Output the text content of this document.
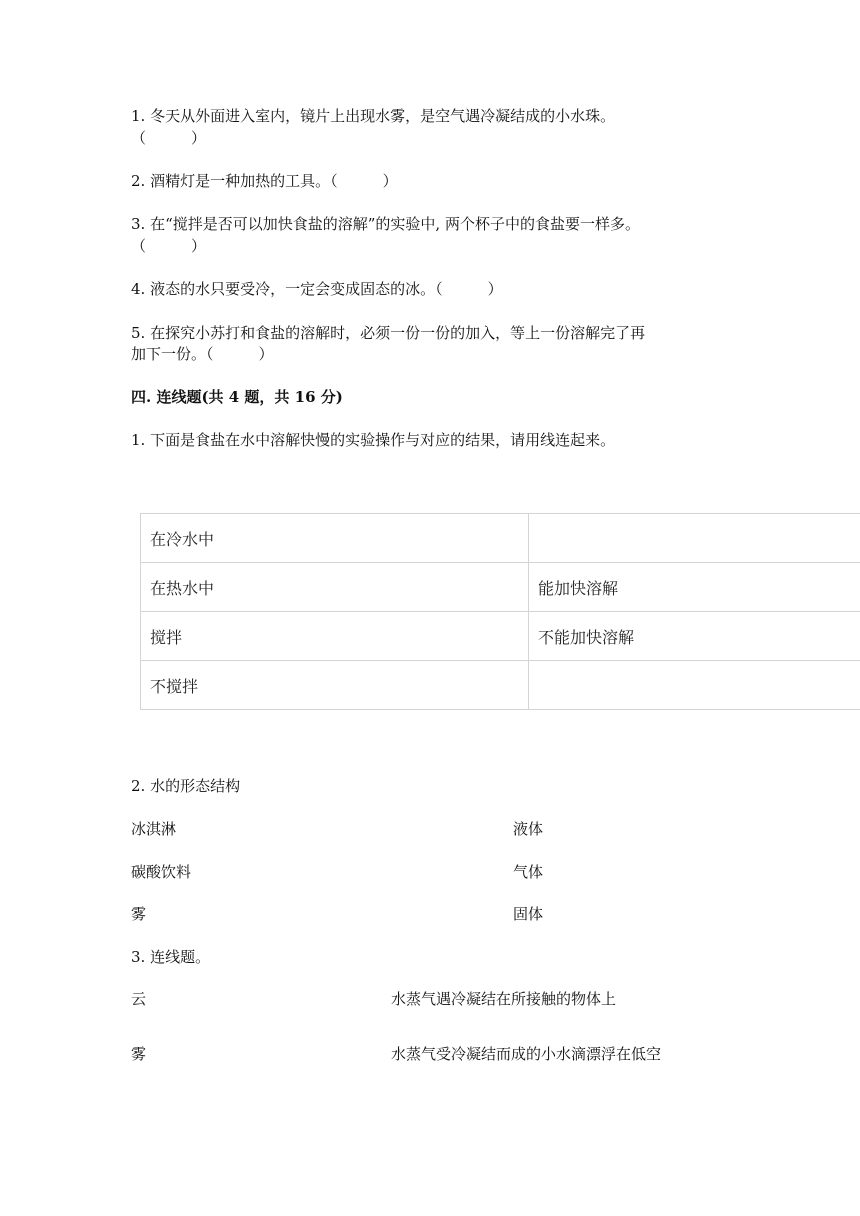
1. 冬天从外面进入室内，镜片上出现水雾，是空气遇冷凝结成的小水珠。
（　　　）
2. 酒精灯是一种加热的工具。（　　　）
3. 在“搅拌是否可以加快食盐的溶解”的实验中, 两个杯子中的食盐要一样多。
（　　　）
4. 液态的水只要受冷，一定会变成固态的冰。（　　　）
5. 在探究小苏打和食盐的溶解时，必须一份一份的加入，等上一份溶解完了再
加下一份。（　　　）
四. 连线题(共 4 题，共 16 分)
1. 下面是食盐在水中溶解快慢的实验操作与对应的结果，请用线连起来。
在冷水中	
在热水中	能加快溶解
搅拌	不能加快溶解
不搅拌	
2. 水的形态结构
冰淇淋	液体
碳酸饮料	气体
雾	固体
3. 连线题。
云	水蒸气遇冷凝结在所接触的物体上
雾	水蒸气受冷凝结而成的小水滴漂浮在低空
